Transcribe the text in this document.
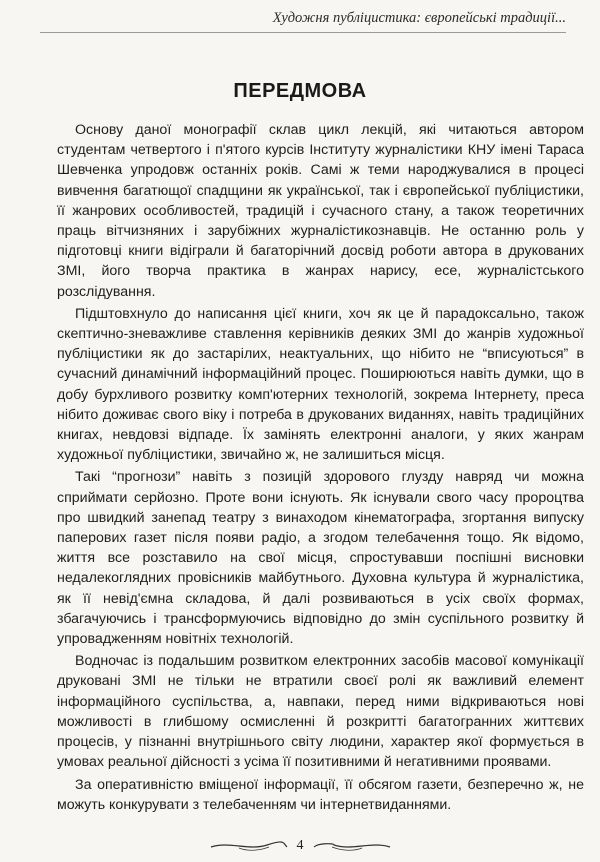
Художня публіцистика: європейські традиції...
ПЕРЕДМОВА

Основу даної монографії склав цикл лекцій, які читаються автором студентам четвертого і п'ятого курсів Інституту журналістики КНУ імені Тараса Шевченка упродовж останніх років. Самі ж теми народжувалися в процесі вивчення багатющої спадщини як української, так і європейської публіцистики, її жанрових особливостей, традицій і сучасного стану, а також теоретичних праць вітчизняних і зарубіжних журналістикознавців. Не останню роль у підготовці книги відіграли й багаторічний досвід роботи автора в друкованих ЗМІ, його творча практика в жанрах нарису, есе, журналістського розслідування.

Підштовхнуло до написання цієї книги, хоч як це й парадоксально, також скептично-зневажливе ставлення керівників деяких ЗМІ до жанрів художньої публіцистики як до застарілих, неактуальних, що нібито не “вписуються” в сучасний динамічний інформаційний процес. Поширюються навіть думки, що в добу бурхливого розвитку комп'ютерних технологій, зокрема Інтернету, преса нібито доживає свого віку і потреба в друкованих виданнях, навіть традиційних книгах, невдовзі відпаде. Їх замінять електронні аналоги, у яких жанрам художньої публіцистики, звичайно ж, не залишиться місця.

Такі “прогнози” навіть з позицій здорового глузду навряд чи можна сприймати серйозно. Проте вони існують. Як існували свого часу пророцтва про швидкий занепад театру з винаходом кінематографа, згортання випуску паперових газет після появи радіо, а згодом телебачення тощо. Як відомо, життя все розставило на свої місця, спростувавши поспішні висновки недалекоглядних провісників майбутнього. Духовна культура й журналістика, як її невід'ємна складова, й далі розвиваються в усіх своїх формах, збагачуючись і трансформуючись відповідно до змін суспільного розвитку й упровадженням новітніх технологій.

Водночас із подальшим розвитком електронних засобів масової комунікації друковані ЗМІ не тільки не втратили своєї ролі як важливий елемент інформаційного суспільства, а, навпаки, перед ними відкриваються нові можливості в глибшому осмисленні й розкритті багатогранних життєвих процесів, у пізнанні внутрішнього світу людини, характер якої формується в умовах реальної дійсності з усіма її позитивними й негативними проявами.

За оперативністю вміщеної інформації, її обсягом газети, безперечно ж, не можуть конкурувати з телебаченням чи інтернетвиданнями.

4
